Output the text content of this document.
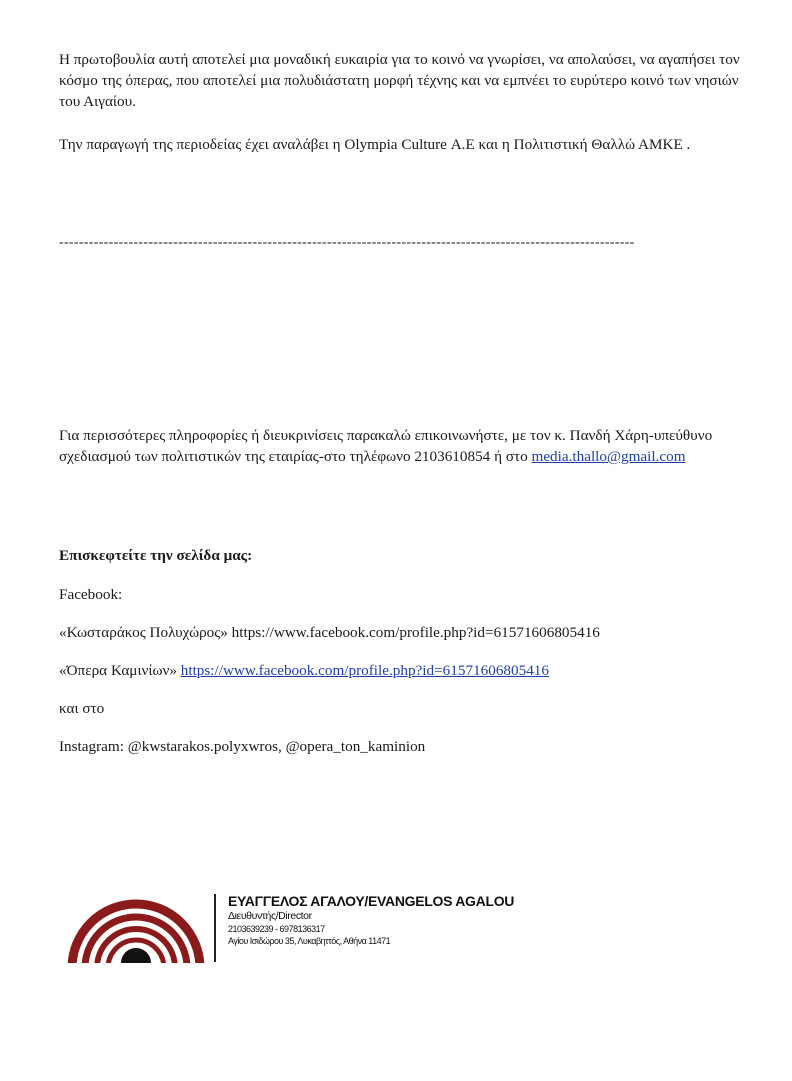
Η πρωτοβουλία αυτή αποτελεί μια μοναδική ευκαιρία για το κοινό να γνωρίσει, να απολαύσει, να αγαπήσει τον κόσμο της όπερας, που αποτελεί μια πολυδιάστατη μορφή τέχνης και να εμπνέει το ευρύτερο κοινό των νησιών του Αιγαίου.

Την παραγωγή της περιοδείας έχει αναλάβει η Olympia Culture Α.Ε και η Πολιτιστική Θαλλώ ΑΜΚΕ .

--------------------------------------------------------------------------------------------------------------------

Για περισσότερες πληροφορίες ή διευκρινίσεις παρακαλώ επικοινωνήστε, με τον κ. Πανδή Χάρη-υπεύθυνο σχεδιασμού των πολιτιστικών της εταιρίας-στο τηλέφωνο 2103610854 ή στο media.thallo@gmail.com

Επισκεφτείτε την σελίδα μας:

Facebook:

«Κωσταράκος Πολυχώρος» https://www.facebook.com/profile.php?id=61571606805416

«Όπερα Καμινίων» https://www.facebook.com/profile.php?id=61571606805416

και στο

Instagram: @kwstarakos.polyxwros, @opera_ton_kaminion

ΕΥΑΓΓΕΛΟΣ ΑΓΑΛΟΥ/EVANGELOS AGALOU
Διευθυντής/Director
2103639239 - 6978136317
Αγίου Ισιδώρου 35, Λυκαβηττός, Αθήνα 11471
